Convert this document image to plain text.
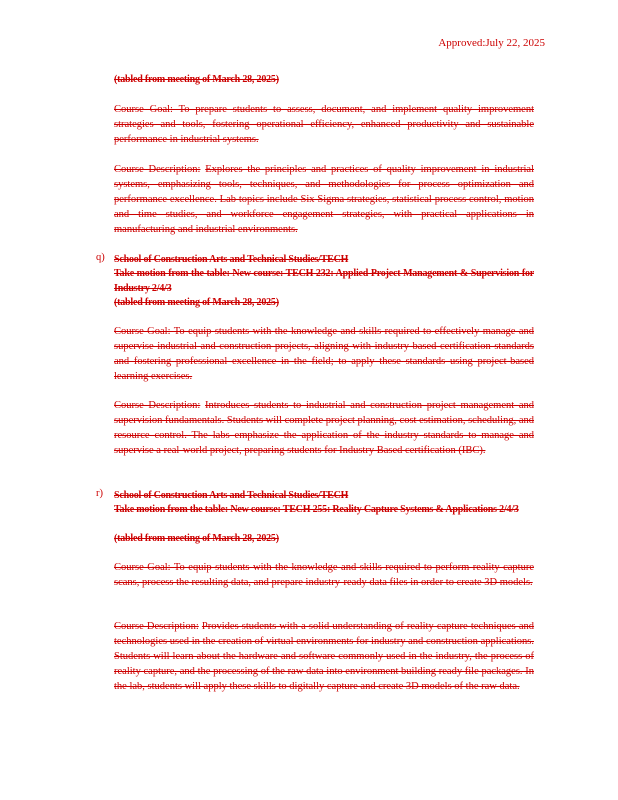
Approved:July 22, 2025
(tabled from meeting of March 28, 2025)
Course Goal: To prepare students to assess, document, and implement quality improvement strategies and tools, fostering operational efficiency, enhanced productivity and sustainable performance in industrial systems.
Course Description: Explores the principles and practices of quality improvement in industrial systems, emphasizing tools, techniques, and methodologies for process optimization and performance excellence. Lab topics include Six Sigma strategies, statistical process control, motion and time studies, and workforce engagement strategies, with practical applications in manufacturing and industrial environments.
q) School of Construction Arts and Technical Studies/TECH
Take motion from the table: New course: TECH 232: Applied Project Management & Supervision for Industry 2/4/3
(tabled from meeting of March 28, 2025)
Course Goal: To equip students with the knowledge and skills required to effectively manage and supervise industrial and construction projects, aligning with industry-based certification standards and fostering professional excellence in the field; to apply these standards using project-based learning exercises.
Course Description: Introduces students to industrial and construction project management and supervision fundamentals. Students will complete project planning, cost estimation, scheduling, and resource control. The labs emphasize the application of the industry standards to manage and supervise a real-world project, preparing students for Industry Based certification (IBC).
r) School of Construction Arts and Technical Studies/TECH
Take motion from the table: New course: TECH 255: Reality Capture Systems & Applications 2/4/3
(tabled from meeting of March 28, 2025)
Course Goal: To equip students with the knowledge and skills required to perform reality capture scans, process the resulting data, and prepare industry-ready data files in order to create 3D models.
Course Description: Provides students with a solid understanding of reality capture techniques and technologies used in the creation of virtual environments for industry and construction applications. Students will learn about the hardware and software commonly used in the industry, the process of reality capture, and the processing of the raw data into environment building ready file packages. In the lab, students will apply these skills to digitally capture and create 3D models of the raw data.
